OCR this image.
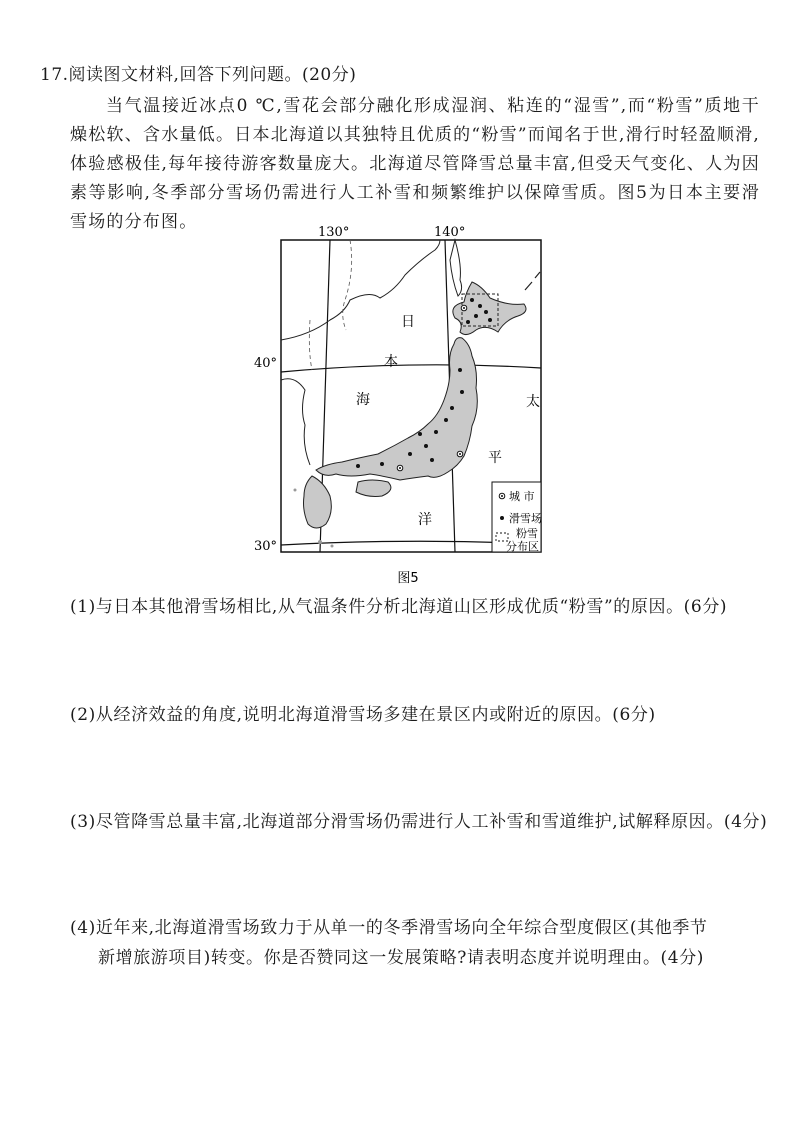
17.阅读图文材料,回答下列问题。(20分)
当气温接近冰点0 ℃,雪花会部分融化形成湿润、粘连的“湿雪”,而“粉雪”质地干燥松软、含水量低。日本北海道以其独特且优质的“粉雪”而闻名于世,滑行时轻盈顺滑,体验感极佳,每年接待游客数量庞大。北海道尽管降雪总量丰富,但受天气变化、人为因素等影响,冬季部分雪场仍需进行人工补雪和频繁维护以保障雪质。图5为日本主要滑雪场的分布图。
130°	140°
40°
30°
日
本
海	太
平
洋
城 市
滑雪场
粉雪
分布区
图5
(1)与日本其他滑雪场相比,从气温条件分析北海道山区形成优质“粉雪”的原因。(6分)
(2)从经济效益的角度,说明北海道滑雪场多建在景区内或附近的原因。(6分)
(3)尽管降雪总量丰富,北海道部分滑雪场仍需进行人工补雪和雪道维护,试解释原因。(4分)
(4)近年来,北海道滑雪场致力于从单一的冬季滑雪场向全年综合型度假区(其他季节
新增旅游项目)转变。你是否赞同这一发展策略?请表明态度并说明理由。(4分)
